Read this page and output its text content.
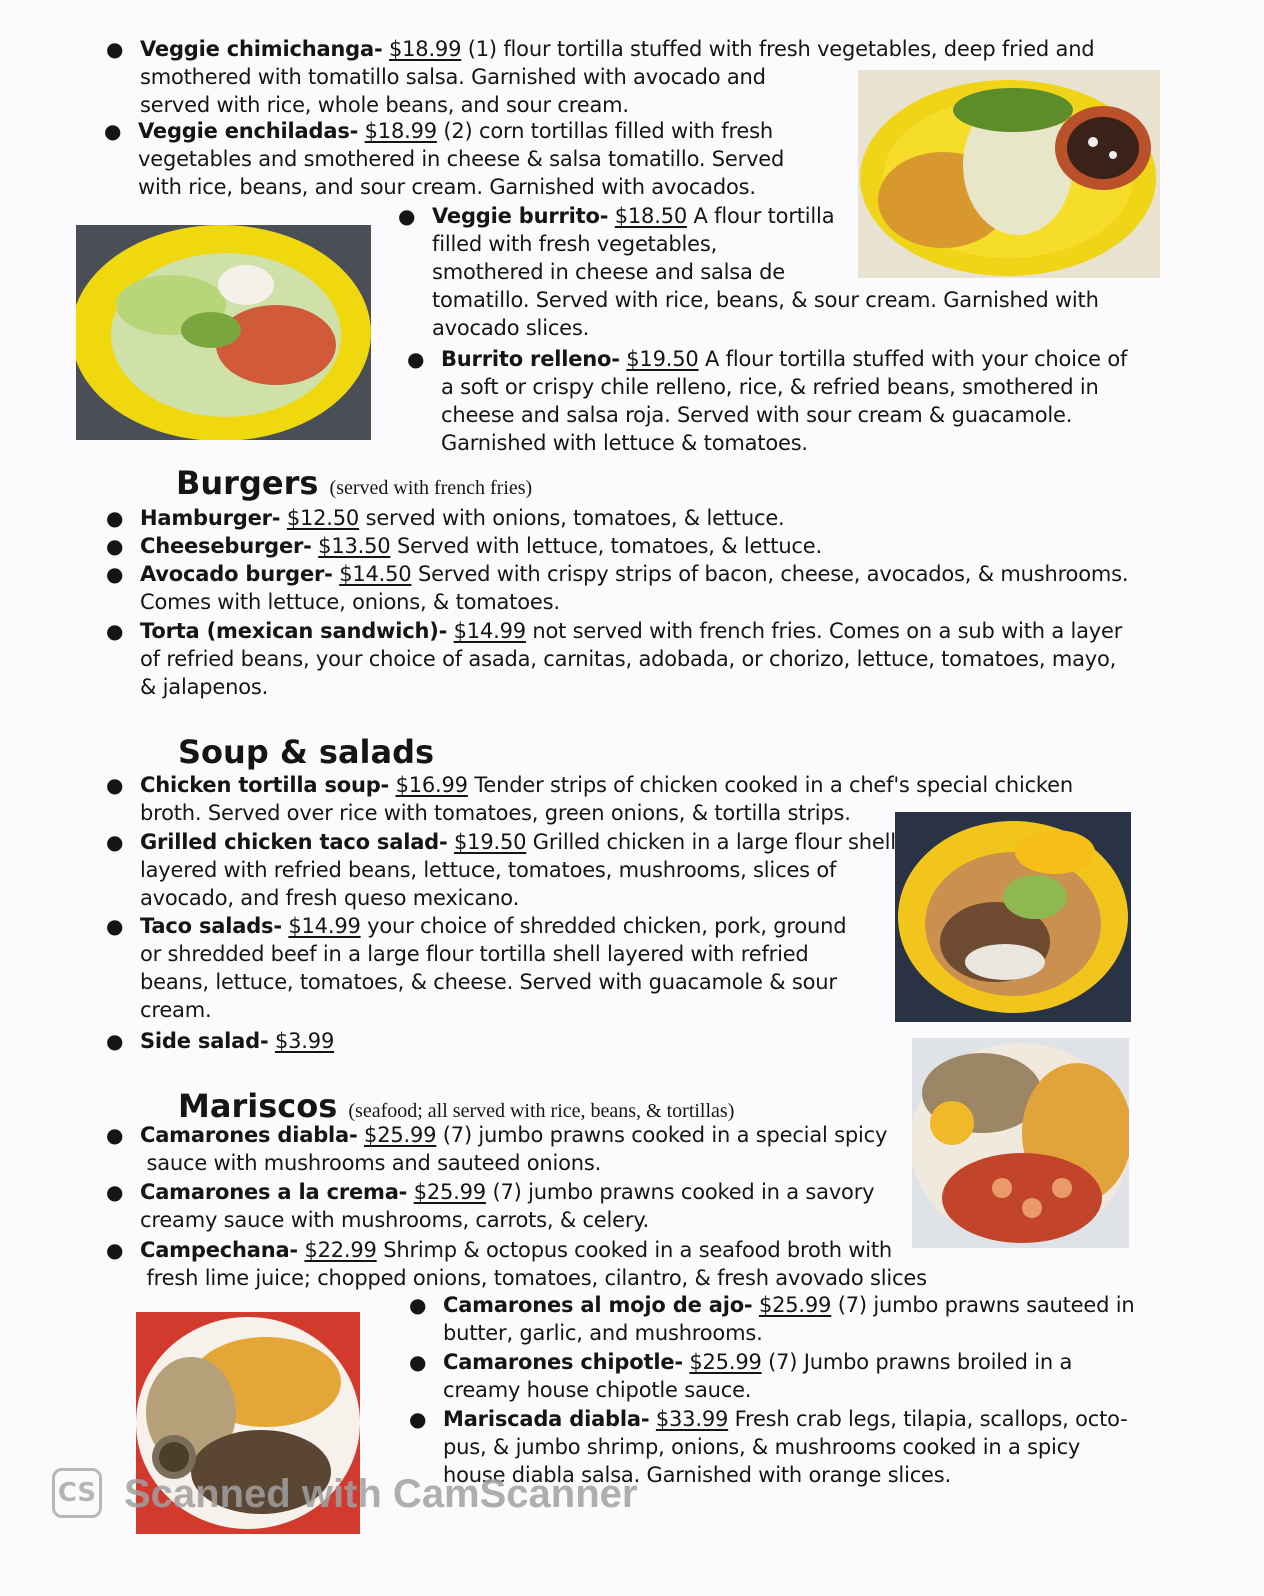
● Veggie chimichanga- $18.99 (1) flour tortilla stuffed with fresh vegetables, deep fried and
smothered with tomatillo salsa. Garnished with avocado and
served with rice, whole beans, and sour cream.
● Veggie enchiladas- $18.99 (2) corn tortillas filled with fresh
vegetables and smothered in cheese & salsa tomatillo. Served
with rice, beans, and sour cream. Garnished with avocados.
● Veggie burrito- $18.50 A flour tortilla
filled with fresh vegetables,
smothered in cheese and salsa de
tomatillo. Served with rice, beans, & sour cream. Garnished with
avocado slices.
● Burrito relleno- $19.50 A flour tortilla stuffed with your choice of
a soft or crispy chile relleno, rice, & refried beans, smothered in
cheese and salsa roja. Served with sour cream & guacamole.
Garnished with lettuce & tomatoes.
Burgers (served with french fries)
● Hamburger- $12.50 served with onions, tomatoes, & lettuce.
● Cheeseburger- $13.50 Served with lettuce, tomatoes, & lettuce.
● Avocado burger- $14.50 Served with crispy strips of bacon, cheese, avocados, & mushrooms.
Comes with lettuce, onions, & tomatoes.
● Torta (mexican sandwich)- $14.99 not served with french fries. Comes on a sub with a layer
of refried beans, your choice of asada, carnitas, adobada, or chorizo, lettuce, tomatoes, mayo,
& jalapenos.
Soup & salads
● Chicken tortilla soup- $16.99 Tender strips of chicken cooked in a chef's special chicken
broth. Served over rice with tomatoes, green onions, & tortilla strips.
● Grilled chicken taco salad- $19.50 Grilled chicken in a large flour shell
layered with refried beans, lettuce, tomatoes, mushrooms, slices of
avocado, and fresh queso mexicano.
● Taco salads- $14.99 your choice of shredded chicken, pork, ground
or shredded beef in a large flour tortilla shell layered with refried
beans, lettuce, tomatoes, & cheese. Served with guacamole & sour
cream.
● Side salad- $3.99
Mariscos (seafood; all served with rice, beans, & tortillas)
● Camarones diabla- $25.99 (7) jumbo prawns cooked in a special spicy
sauce with mushrooms and sauteed onions.
● Camarones a la crema- $25.99 (7) jumbo prawns cooked in a savory
creamy sauce with mushrooms, carrots, & celery.
● Campechana- $22.99 Shrimp & octopus cooked in a seafood broth with
fresh lime juice; chopped onions, tomatoes, cilantro, & fresh avovado slices
● Camarones al mojo de ajo- $25.99 (7) jumbo prawns sauteed in
butter, garlic, and mushrooms.
● Camarones chipotle- $25.99 (7) Jumbo prawns broiled in a
creamy house chipotle sauce.
● Mariscada diabla- $33.99 Fresh crab legs, tilapia, scallops, octo-
pus, & jumbo shrimp, onions, & mushrooms cooked in a spicy
house diabla salsa. Garnished with orange slices.
CS Scanned with CamScanner
